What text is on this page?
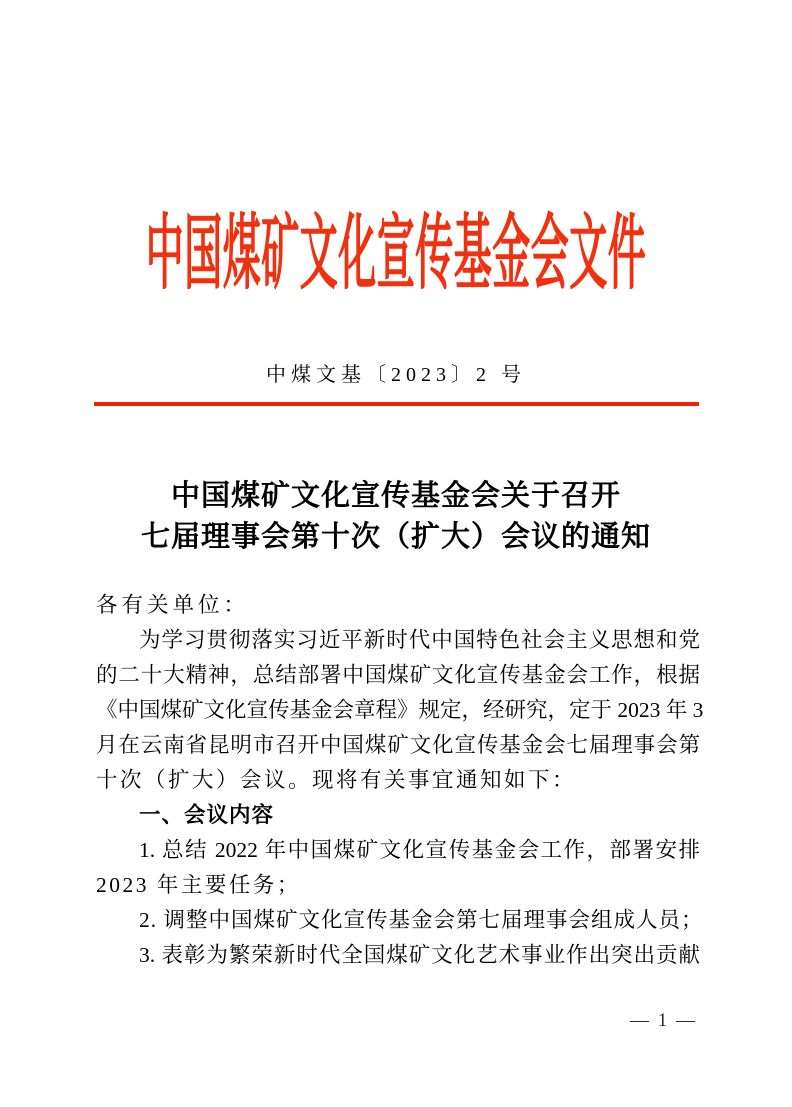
中国煤矿文化宣传基金会文件
中煤文基〔2023〕2 号
中国煤矿文化宣传基金会关于召开
七届理事会第十次（扩大）会议的通知
各有关单位：
为学习贯彻落实习近平新时代中国特色社会主义思想和党
的二十大精神，总结部署中国煤矿文化宣传基金会工作，根据
《中国煤矿文化宣传基金会章程》规定，经研究，定于 2023 年 3
月在云南省昆明市召开中国煤矿文化宣传基金会七届理事会第
十次（扩大）会议。现将有关事宜通知如下：
一、会议内容
1. 总结 2022 年中国煤矿文化宣传基金会工作，部署安排
2023 年主要任务；
2. 调整中国煤矿文化宣传基金会第七届理事会组成人员；
3. 表彰为繁荣新时代全国煤矿文化艺术事业作出突出贡献
— 1 —
